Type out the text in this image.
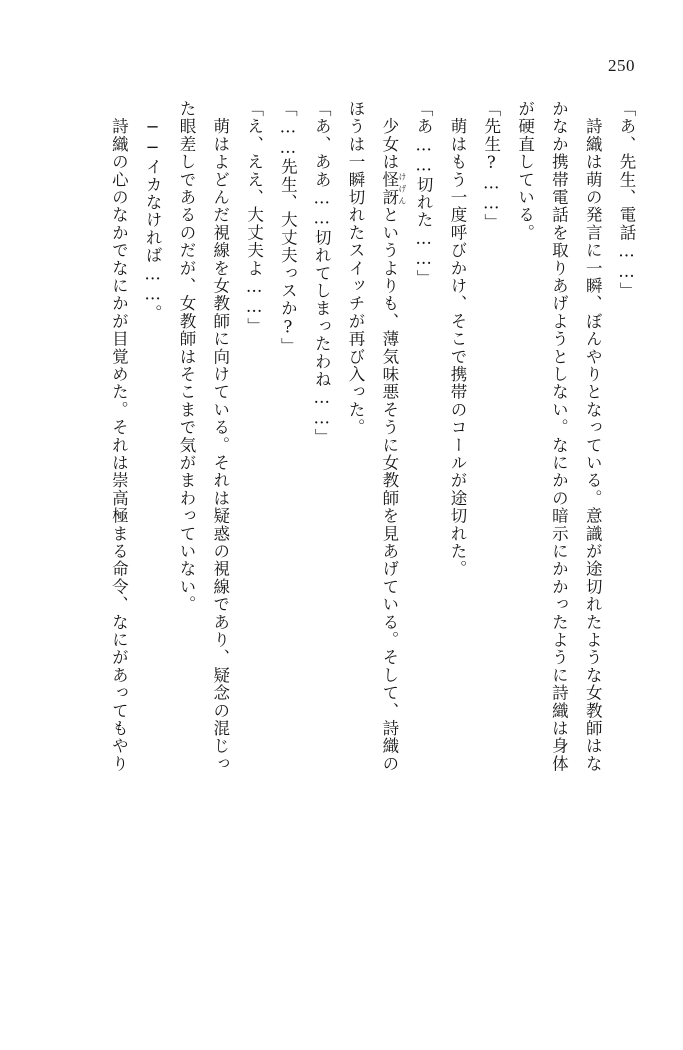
250
「あ、先生、電話……」
　詩織は萌の発言に一瞬、ぼんやりとなっている。意識が途切れたような女教師はな
かなか携帯電話を取りあげようとしない。なにかの暗示にかかったように詩織は身体
が硬直している。
「先生?……」
　萌はもう一度呼びかけ、そこで携帯のコールが途切れた。
「あ……切れた……」
　少女は怪訝 けげんというよりも、薄気味悪そうに女教師を見あげている。そして、詩織の
ほうは一瞬切れたスイッチが再び入った。
「あ、ああ……切れてしまったわね……」
「……先生、大丈夫っスか?」
「え、ええ、大丈夫よ……」
　萌はよどんだ視線を女教師に向けている。それは疑惑の視線であり、疑念の混じっ
た眼差しであるのだが、女教師はそこまで気がまわっていない。
　──イカなければ……。
　詩織の心のなかでなにかが目覚めた。それは崇高極まる命令、なにがあってもやり
